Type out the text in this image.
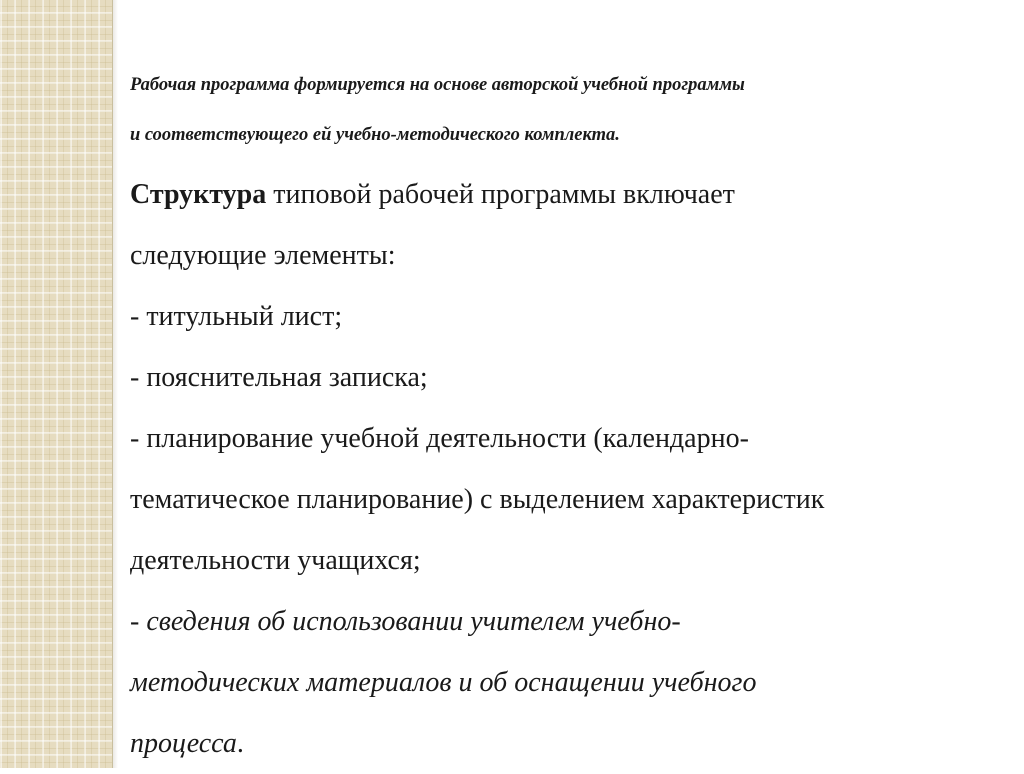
Рабочая программа формируется на основе авторской учебной программы
и соответствующего ей учебно-методического комплекта.

Структура типовой рабочей программы включает
следующие элементы:
- титульный лист;
- пояснительная записка;
- планирование учебной деятельности (календарно-
тематическое планирование) с выделением характеристик
деятельности учащихся;
- сведения об использовании учителем учебно-
методических материалов и об оснащении учебного
процесса.
